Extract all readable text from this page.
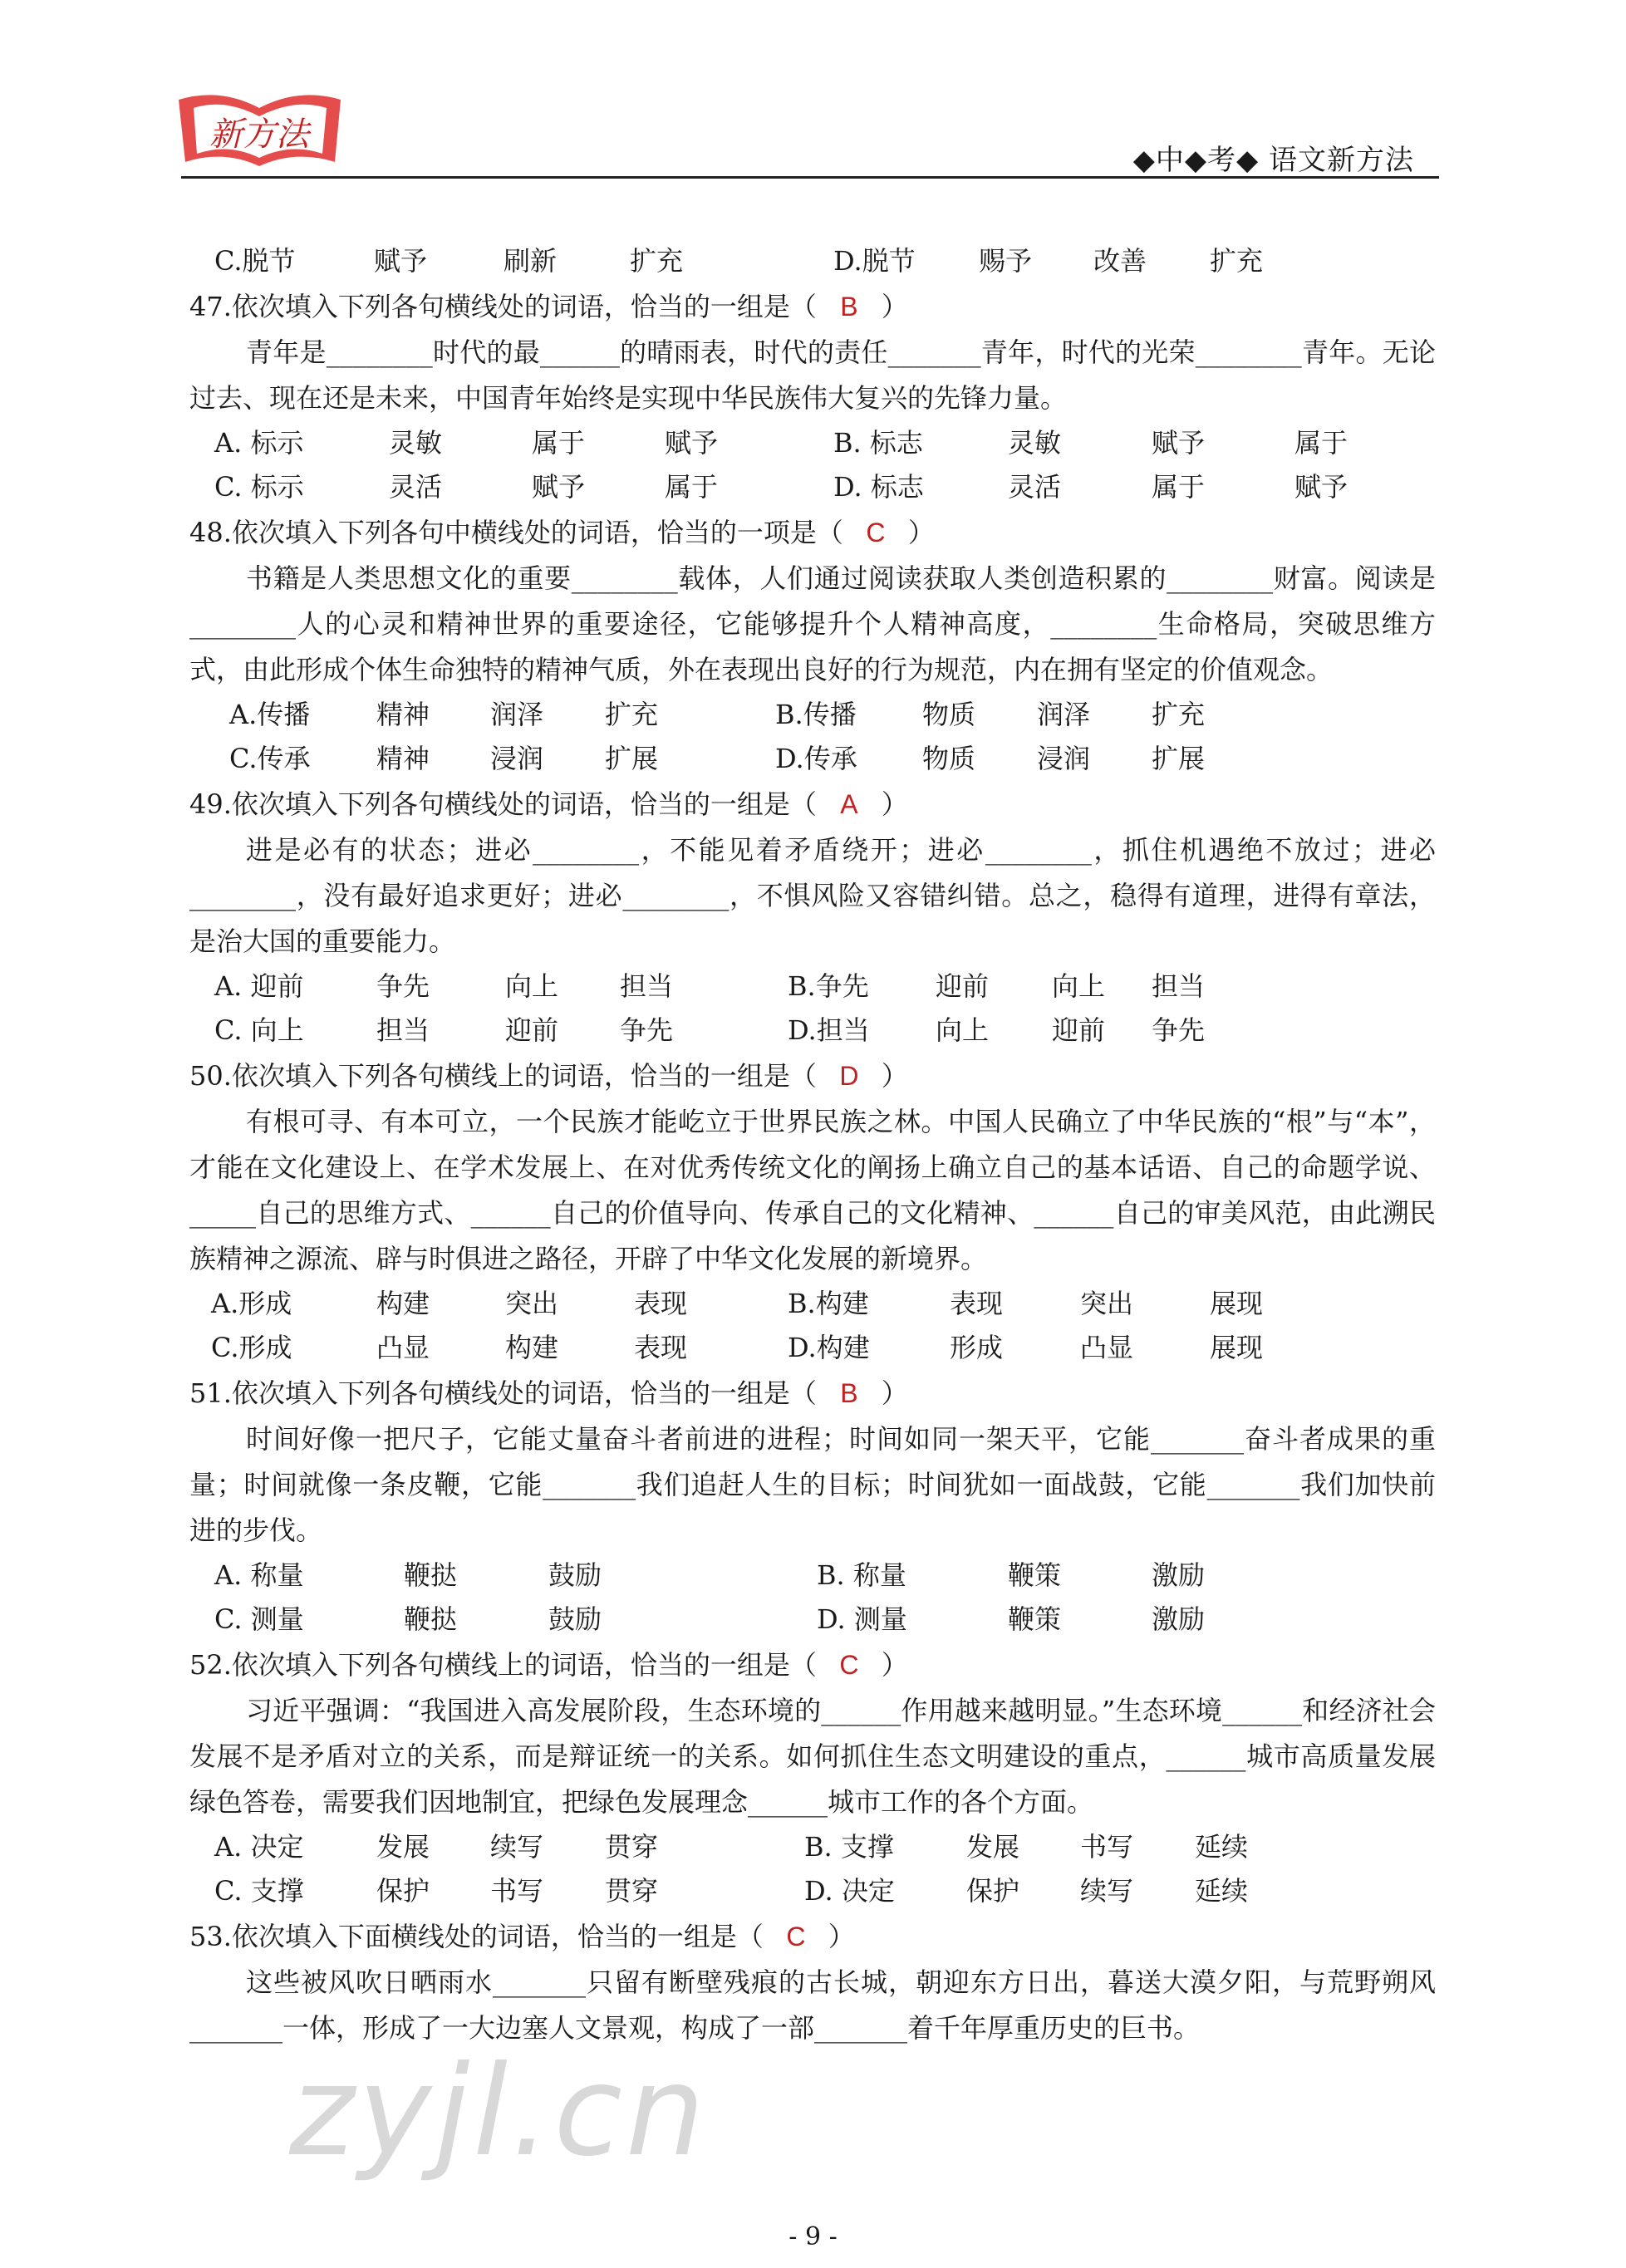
新方法
◆中◆考◆ 语文新方法
C.脱节	赋予	刷新	扩充	D.脱节 赐予 改善 扩充
47.依次填入下列各句横线处的词语，恰当的一组是（ B ）
青年是________时代的最______的晴雨表，时代的责任_______青年，时代的光荣________青年。无论过去、现在还是未来，中国青年始终是实现中华民族伟大复兴的先锋力量。
A. 标示	灵敏	属于	赋予	B. 标志	灵敏	赋予	属于
C. 标示	灵活	赋予	属于	D. 标志	灵活	属于	赋予
48.依次填入下列各句中横线处的词语，恰当的一项是（ C ）
书籍是人类思想文化的重要________载体，人们通过阅读获取人类创造积累的________财富。阅读是________人的心灵和精神世界的重要途径，它能够提升个人精神高度，________生命格局，突破思维方式，由此形成个体生命独特的精神气质，外在表现出良好的行为规范，内在拥有坚定的价值观念。
A.传播 精神 润泽 扩充	B.传播 物质 润泽 扩充
C.传承 精神 浸润 扩展	D.传承 物质 浸润 扩展
49.依次填入下列各句横线处的词语，恰当的一组是（ A ）
进是必有的状态；进必________，不能见着矛盾绕开；进必________，抓住机遇绝不放过；进必________，没有最好追求更好；进必________，不惧风险又容错纠错。总之，稳得有道理，进得有章法，是治大国的重要能力。
A. 迎前	争先	向上 担当	B.争先	迎前 向上 担当
C. 向上	担当	迎前 争先	D.担当 向上 迎前 争先
50.依次填入下列各句横线上的词语，恰当的一组是（ D ）
有根可寻、有本可立，一个民族才能屹立于世界民族之林。中国人民确立了中华民族的“根”与“本”，才能在文化建设上、在学术发展上、在对优秀传统文化的阐扬上确立自己的基本话语、自己的命题学说、_____自己的思维方式、______自己的价值导向、传承自己的文化精神、______自己的审美风范，由此溯民族精神之源流、辟与时俱进之路径，开辟了中华文化发展的新境界。
A.形成	构建	突出	表现	B.构建	表现	突出	展现
C.形成	凸显	构建	表现	D.构建	形成	凸显	展现
51.依次填入下列各句横线处的词语，恰当的一组是（ B ）
时间好像一把尺子，它能丈量奋斗者前进的进程；时间如同一架天平，它能_______奋斗者成果的重量；时间就像一条皮鞭，它能_______我们追赶人生的目标；时间犹如一面战鼓，它能_______我们加快前进的步伐。
A. 称量	鞭挞	鼓励	B. 称量	鞭策	激励
C. 测量	鞭挞	鼓励	D. 测量	鞭策	激励
52.依次填入下列各句横线上的词语，恰当的一组是（ C ）
习近平强调：“我国进入高发展阶段，生态环境的______作用越来越明显。”生态环境______和经济社会发展不是矛盾对立的关系，而是辩证统一的关系。如何抓住生态文明建设的重点，______城市高质量发展绿色答卷，需要我们因地制宜，把绿色发展理念______城市工作的各个方面。
A. 决定	发展 续写 贯穿	B. 支撑	发展 书写 延续
C. 支撑	保护 书写 贯穿	D. 决定	保护 续写 延续
53.依次填入下面横线处的词语，恰当的一组是（ C ）
这些被风吹日晒雨水_______只留有断壁残痕的古长城，朝迎东方日出，暮送大漠夕阳，与荒野朔风_______一体，形成了一大边塞人文景观，构成了一部_______着千年厚重历史的巨书。
zyjl.cn
- 9 -
